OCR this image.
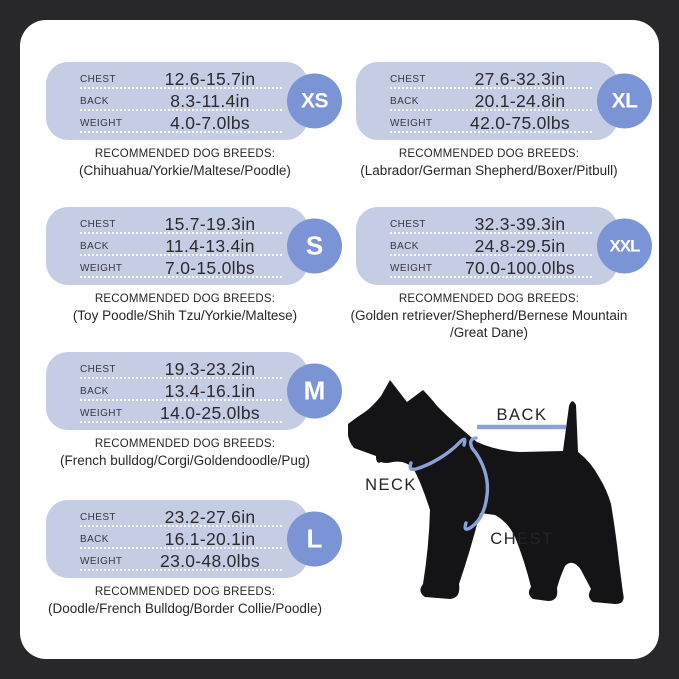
CHEST	12.6-15.7in
BACK	8.3-11.4in
WEIGHT	4.0-7.0lbs
XS
RECOMMENDED DOG BREEDS:
(Chihuahua/Yorkie/Maltese/Poodle)
CHEST	15.7-19.3in
BACK	11.4-13.4in
WEIGHT	7.0-15.0lbs
S
RECOMMENDED DOG BREEDS:
(Toy Poodle/Shih Tzu/Yorkie/Maltese)
CHEST	19.3-23.2in
BACK	13.4-16.1in
WEIGHT	14.0-25.0lbs
M
RECOMMENDED DOG BREEDS:
(French bulldog/Corgi/Goldendoodle/Pug)
CHEST	23.2-27.6in
BACK	16.1-20.1in
WEIGHT	23.0-48.0lbs
L
RECOMMENDED DOG BREEDS:
(Doodle/French Bulldog/Border Collie/Poodle)
CHEST	27.6-32.3in
BACK	20.1-24.8in
WEIGHT	42.0-75.0lbs
XL
RECOMMENDED DOG BREEDS:
(Labrador/German Shepherd/Boxer/Pitbull)
CHEST	32.3-39.3in
BACK	24.8-29.5in
WEIGHT	70.0-100.0lbs
XXL
RECOMMENDED DOG BREEDS:
(Golden retriever/Shepherd/Bernese Mountain
/Great Dane)
BACK
NECK
CHEST
